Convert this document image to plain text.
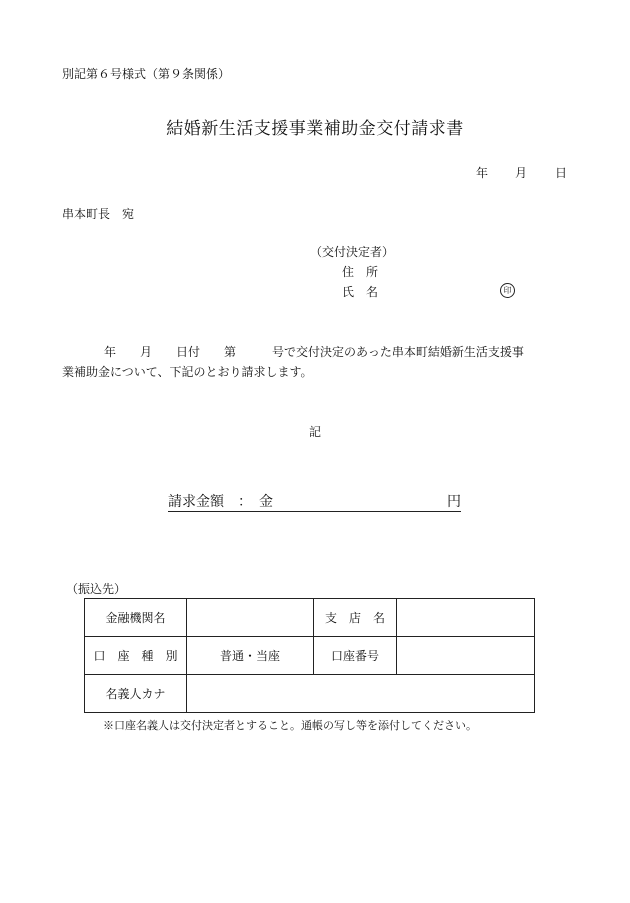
別記第６号様式（第９条関係）
結婚新生活支援事業補助金交付請求書
年 月 日
串本町長　宛
（交付決定者）
住　所
氏　名	印
年　　月　　日付　　第　　　号で交付決定のあった串本町結婚新生活支援事
業補助金について、下記のとおり請求します。
記
請求金額　：　金	円
（振込先）
金融機関名		支　店　名	
口　座　種　別	普通・当座	口座番号	
名義人カナ			
※口座名義人は交付決定者とすること。通帳の写し等を添付してください。
